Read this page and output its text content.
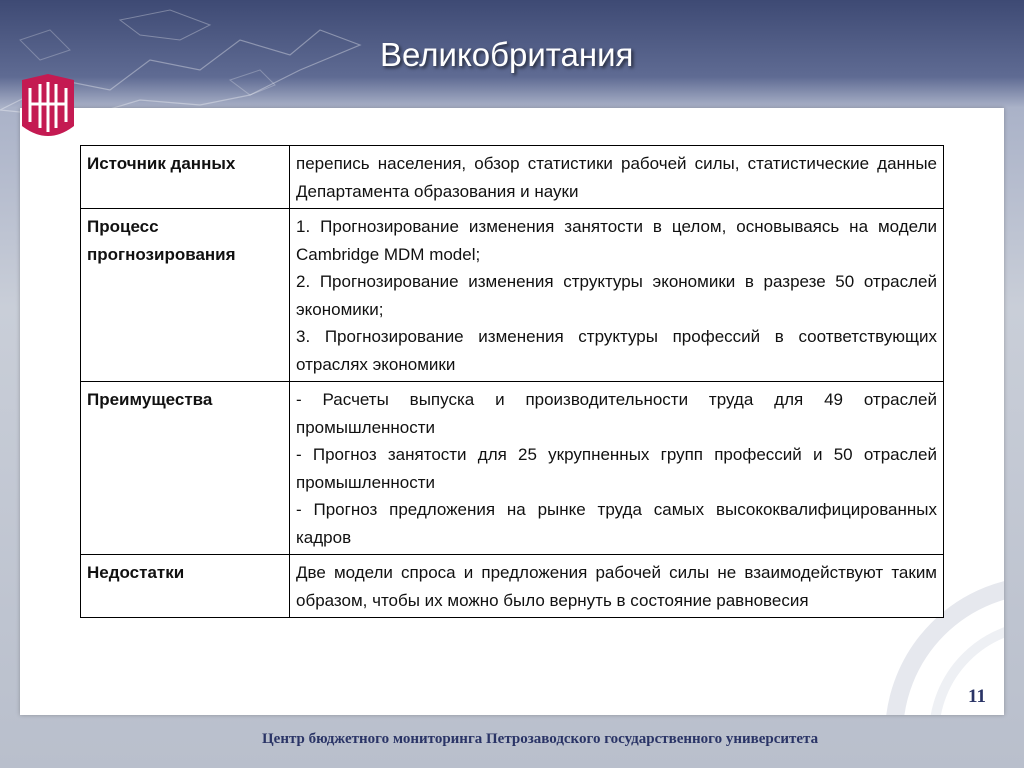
Великобритания
Источник данных	перепись населения, обзор статистики рабочей силы, статистические данные Департамента образования и науки

Процесс прогнозирования	1. Прогнозирование изменения занятости в целом, основываясь на модели Cambridge MDM model;
2. Прогнозирование изменения структуры экономики в разрезе 50 отраслей экономики;
3. Прогнозирование изменения структуры профессий в соответствующих отраслях экономики

Преимущества	- Расчеты выпуска и производительности труда для 49 отраслей промышленности
- Прогноз занятости для 25 укрупненных групп профессий и 50 отраслей промышленности
- Прогноз предложения на рынке труда самых высококвалифицированных кадров

Недостатки	Две модели спроса и предложения рабочей силы не взаимодействуют таким образом, чтобы их можно было вернуть в состояние равновесия
11
Центр бюджетного мониторинга Петрозаводского государственного университета
